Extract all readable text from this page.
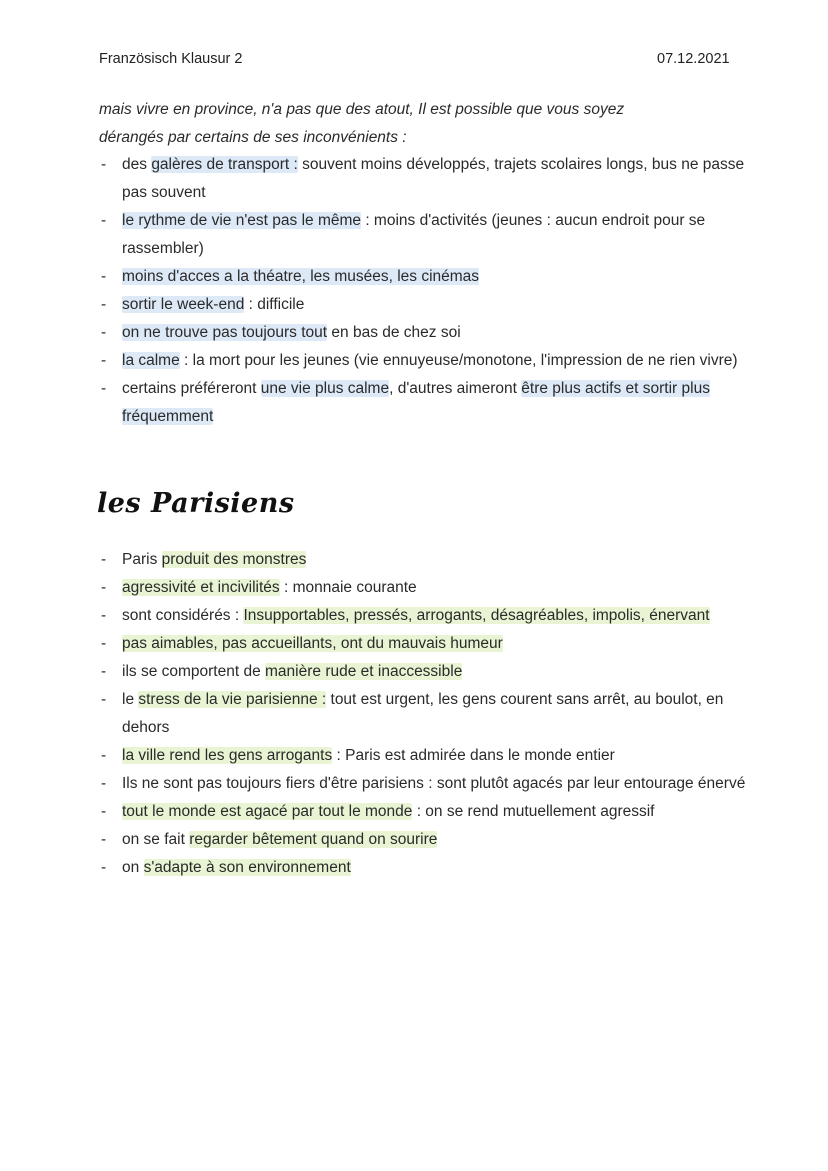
Französisch Klausur 2	07.12.2021
mais vivre en province, n'a pas que des atout, Il est possible que vous soyez
dérangés par certains de ses inconvénients :
- des galères de transport : souvent moins développés, trajets scolaires longs, bus ne passe pas souvent
- le rythme de vie n'est pas le même : moins d'activités (jeunes : aucun endroit pour se rassembler)
- moins d'acces a la théatre, les musées, les cinémas
- sortir le week-end : difficile
- on ne trouve pas toujours tout en bas de chez soi
- la calme : la mort pour les jeunes (vie ennuyeuse/monotone, l'impression de ne rien vivre)
- certains préféreront une vie plus calme, d'autres aimeront être plus actifs et sortir plus fréquemment
les Parisiens
- Paris produit des monstres
- agressivité et incivilités : monnaie courante
- sont considérés : Insupportables, pressés, arrogants, désagréables, impolis, énervant
- pas aimables, pas accueillants, ont du mauvais humeur
- ils se comportent de manière rude et inaccessible
- le stress de la vie parisienne : tout est urgent, les gens courent sans arrêt, au boulot, en dehors
- la ville rend les gens arrogants : Paris est admirée dans le monde entier
- Ils ne sont pas toujours fiers d'être parisiens : sont plutôt agacés par leur entourage énervé
- tout le monde est agacé par tout le monde : on se rend mutuellement agressif
- on se fait regarder bêtement quand on sourire
- on s'adapte à son environnement
